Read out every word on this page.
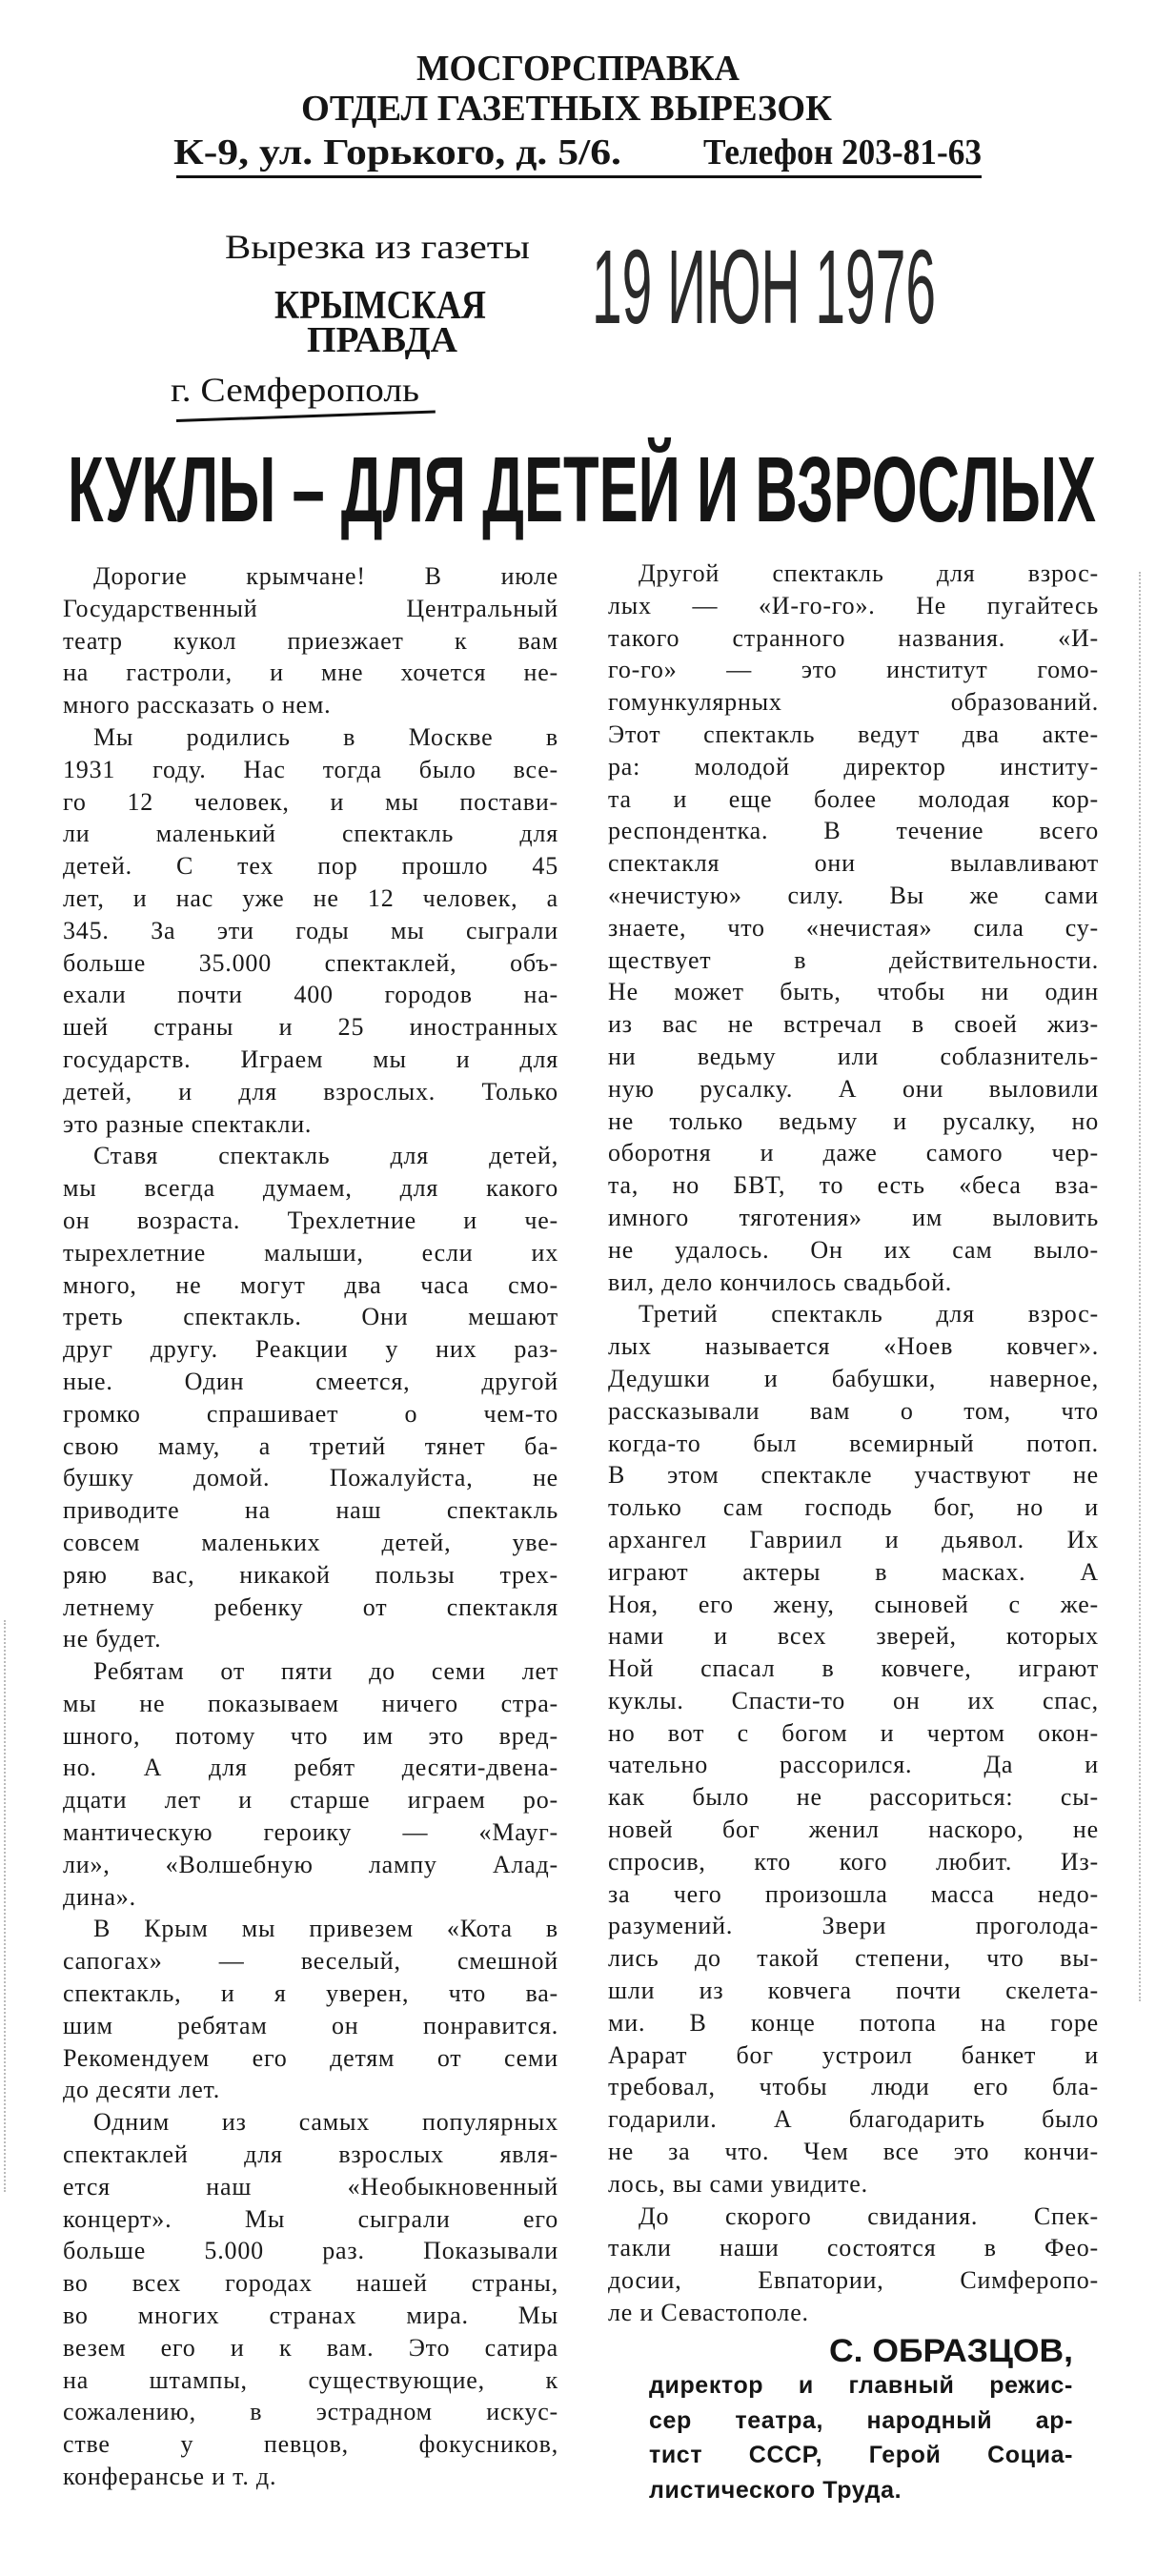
МОСГОРСПРАВКА
ОТДЕЛ ГАЗЕТНЫХ ВЫРЕЗОК
К-9, ул. Горького, д. 5/6. Телефон 203-81-63
Вырезка из газеты
КРЫМСКАЯ
ПРАВДА 19 ИЮН 1976
г. Семферополь
КУКЛЫ – ДЛЯ ДЕТЕЙ И ВЗРОСЛЫХ
Дорогие крымчане! В июле
Государственный Центральный
театр кукол приезжает к вам
на гастроли, и мне хочется не-
много рассказать о нем.
Мы родились в Москве в
1931 году. Нас тогда было все-
го 12 человек, и мы постави-
ли маленький спектакль для
детей. С тех пор прошло 45
лет, и нас уже не 12 человек, а
345. За эти годы мы сыграли
больше 35.000 спектаклей, объ-
ехали почти 400 городов на-
шей страны и 25 иностранных
государств. Играем мы и для
детей, и для взрослых. Только
это разные спектакли.
Ставя спектакль для детей,
мы всегда думаем, для какого
он возраста. Трехлетние и че-
тырехлетние малыши, если их
много, не могут два часа смо-
треть спектакль. Они мешают
друг другу. Реакции у них раз-
ные. Один смеется, другой
громко спрашивает о чем-то
свою маму, а третий тянет ба-
бушку домой. Пожалуйста, не
приводите на наш спектакль
совсем маленьких детей, уве-
ряю вас, никакой пользы трех-
летнему ребенку от спектакля
не будет.
Ребятам от пяти до семи лет
мы не показываем ничего стра-
шного, потому что им это вред-
но. А для ребят десяти-двена-
дцати лет и старше играем ро-
мантическую героику — «Мауг-
ли», «Волшебную лампу Алад-
дина».
В Крым мы привезем «Кота в
сапогах» — веселый, смешной
спектакль, и я уверен, что ва-
шим ребятам он понравится.
Рекомендуем его детям от семи
до десяти лет.
Одним из самых популярных
спектаклей для взрослых явля-
ется наш «Необыкновенный
концерт». Мы сыграли его
больше 5.000 раз. Показывали
во всех городах нашей страны,
во многих странах мира. Мы
везем его и к вам. Это сатира
на штампы, существующие, к
сожалению, в эстрадном искус-
стве у певцов, фокусников,
конферансье и т. д.
Другой спектакль для взрос-
лых — «И-го-го». Не пугайтесь
такого странного названия. «И-
го-го» — это институт гомо-
гомункулярных образований.
Этот спектакль ведут два акте-
ра: молодой директор институ-
та и еще более молодая кор-
респондентка. В течение всего
спектакля они вылавливают
«нечистую» силу. Вы же сами
знаете, что «нечистая» сила су-
ществует в действительности.
Не может быть, чтобы ни один
из вас не встречал в своей жиз-
ни ведьму или соблазнитель-
ную русалку. А они выловили
не только ведьму и русалку, но
оборотня и даже самого чер-
та, но БВТ, то есть «беса вза-
имного тяготения» им выловить
не удалось. Он их сам выло-
вил, дело кончилось свадьбой.
Третий спектакль для взрос-
лых называется «Ноев ковчег».
Дедушки и бабушки, наверное,
рассказывали вам о том, что
когда-то был всемирный потоп.
В этом спектакле участвуют не
только сам господь бог, но и
архангел Гавриил и дьявол. Их
играют актеры в масках. А
Ноя, его жену, сыновей с же-
нами и всех зверей, которых
Ной спасал в ковчеге, играют
куклы. Спасти-то он их спас,
но вот с богом и чертом окон-
чательно рассорился. Да и
как было не рассориться: сы-
новей бог женил наскоро, не
спросив, кто кого любит. Из-
за чего произошла масса недо-
разумений. Звери проголода-
лись до такой степени, что вы-
шли из ковчега почти скелета-
ми. В конце потопа на горе
Арарат бог устроил банкет и
требовал, чтобы люди его бла-
годарили. А благодарить было
не за что. Чем все это кончи-
лось, вы сами увидите.
До скорого свидания. Спек-
такли наши состоятся в Фео-
досии, Евпатории, Симферопо-
ле и Севастополе.
С. ОБРАЗЦОВ,
директор и главный режис-
сер театра, народный ар-
тист СССР, Герой Социа-
листического Труда.
